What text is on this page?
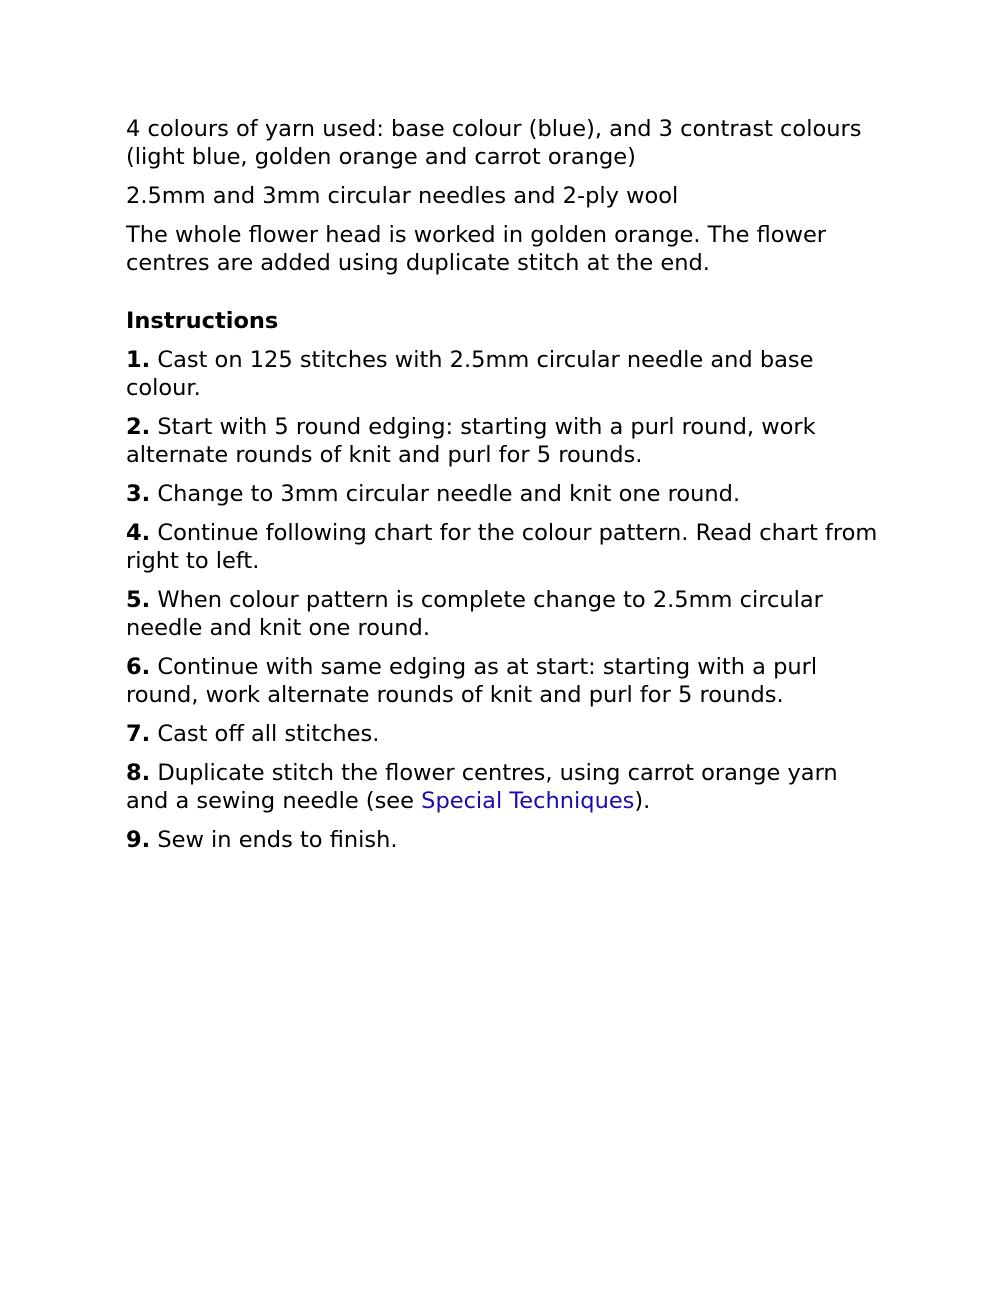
4 colours of yarn used: base colour (blue), and 3 contrast colours (light blue, golden orange and carrot orange)

2.5mm and 3mm circular needles and 2-ply wool

The whole flower head is worked in golden orange. The flower centres are added using duplicate stitch at the end.

Instructions

1. Cast on 125 stitches with 2.5mm circular needle and base colour.

2. Start with 5 round edging: starting with a purl round, work alternate rounds of knit and purl for 5 rounds.

3. Change to 3mm circular needle and knit one round.

4. Continue following chart for the colour pattern. Read chart from right to left.

5. When colour pattern is complete change to 2.5mm circular needle and knit one round.

6. Continue with same edging as at start: starting with a purl round, work alternate rounds of knit and purl for 5 rounds.

7. Cast off all stitches.

8. Duplicate stitch the flower centres, using carrot orange yarn and a sewing needle (see Special Techniques).

9. Sew in ends to finish.
